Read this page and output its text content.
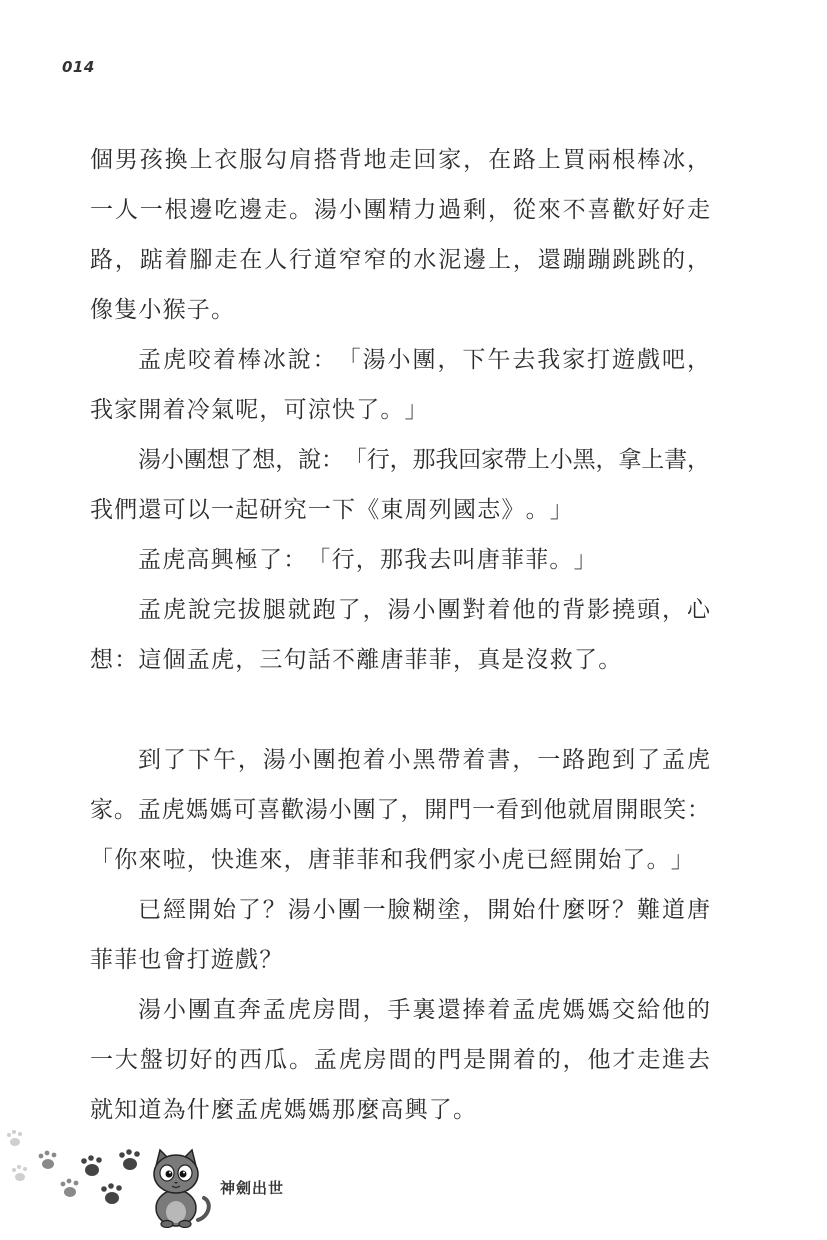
014
個 男 孩 換 上 衣 服 勾 肩 搭 背 地 走 回 家 ， 在 路 上 買 兩 根 棒 冰 ，
一 人 一 根 邊 吃 邊 走 。 湯 小 團 精 力 過 剩 ， 從 來 不 喜 歡 好 好 走
路 ， 踮 着 腳 走 在 人 行 道 窄 窄 的 水 泥 邊 上 ， 還 蹦 蹦 跳 跳 的 ，
像 隻 小 猴 子 。
孟 虎 咬 着 棒 冰 說 ： 「 湯 小 團 ， 下 午 去 我 家 打 遊 戲 吧 ，
我 家 開 着 冷 氣 呢 ， 可 涼 快 了 。 」
湯 小 團 想 了 想 ， 說 ： 「 行 ， 那 我 回 家 帶 上 小 黑 ， 拿 上 書 ，
我 們 還 可 以 一 起 研 究 一 下 《 東 周 列 國 志 》 。 」
孟 虎 高 興 極 了 ： 「 行 ， 那 我 去 叫 唐 菲 菲 。 」
孟 虎 說 完 拔 腿 就 跑 了 ， 湯 小 團 對 着 他 的 背 影 撓 頭 ， 心
想 ： 這 個 孟 虎 ， 三 句 話 不 離 唐 菲 菲 ， 真 是 沒 救 了 。
到 了 下 午 ， 湯 小 團 抱 着 小 黑 帶 着 書 ， 一 路 跑 到 了 孟 虎
家 。 孟 虎 媽 媽 可 喜 歡 湯 小 團 了 ， 開 門 一 看 到 他 就 眉 開 眼 笑 ：
「 你 來 啦 ， 快 進 來 ， 唐 菲 菲 和 我 們 家 小 虎 已 經 開 始 了 。 」
已 經 開 始 了 ？ 湯 小 團 一 臉 糊 塗 ， 開 始 什 麼 呀 ？ 難 道 唐
菲 菲 也 會 打 遊 戲 ？
湯 小 團 直 奔 孟 虎 房 間 ， 手 裏 還 捧 着 孟 虎 媽 媽 交 給 他 的
一 大 盤 切 好 的 西 瓜 。 孟 虎 房 間 的 門 是 開 着 的 ， 他 才 走 進 去
就 知 道 為 什 麼 孟 虎 媽 媽 那 麼 高 興 了 。
神劍出世
